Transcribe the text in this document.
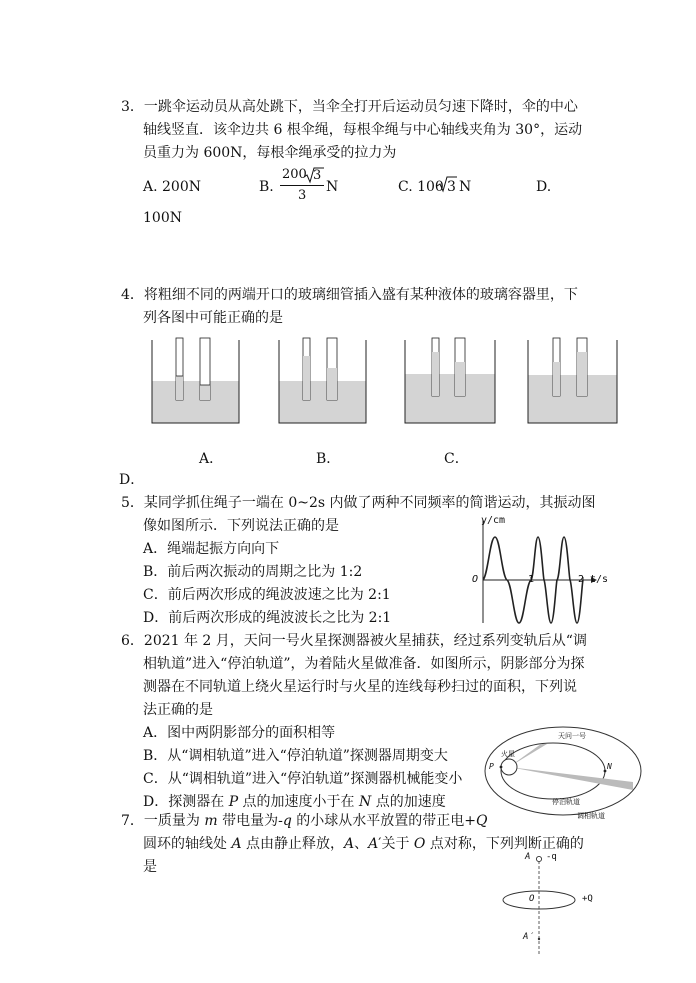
3．一跳伞运动员从高处跳下，当伞全打开后运动员匀速下降时，伞的中心
轴线竖直．该伞边共 6 根伞绳，每根伞绳与中心轴线夹角为 30°，运动
员重力为 600N，每根伞绳承受的拉力为
A. 200N	B.
200 3
3
N	C. 100 3 N	D.
100N
4．将粗细不同的两端开口的玻璃细管插入盛有某种液体的玻璃容器里，下
列各图中可能正确的是
A．	B．	C．
D．
5．某同学抓住绳子一端在 0~2s 内做了两种不同频率的简谐运动，其振动图
像如图所示．下列说法正确的是
A．绳端起振方向向下
B．前后两次振动的周期之比为 1:2
C．前后两次形成的绳波波速之比为 2:1
D．前后两次形成的绳波波长之比为 2:1
y/cm
O	1	2 t/s
6．2021 年 2 月，天问一号火星探测器被火星捕获，经过系列变轨后从“调
相轨道”进入“停泊轨道”，为着陆火星做准备．如图所示，阴影部分为探
测器在不同轨道上绕火星运行时与火星的连线每秒扫过的面积，下列说
法正确的是
A．图中两阴影部分的面积相等
B．从“调相轨道”进入“停泊轨道”探测器周期变大
C．从“调相轨道”进入“停泊轨道”探测器机械能变小
D．探测器在 P 点的加速度小于在 N 点的加速度
火星
天问一号
P	N
停泊轨道
调相轨道
7．一质量为 m 带电量为-q 的小球从水平放置的带正电+Q
圆环的轴线处 A 点由静止释放，A、A′关于 O 点对称，下列判断正确的
是
A -q
O	+Q
A′
